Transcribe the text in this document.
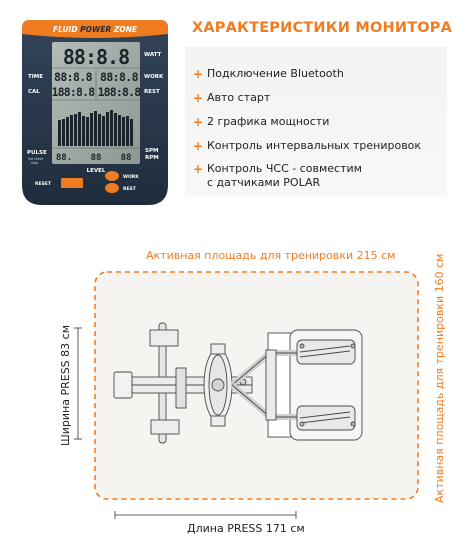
FLUID POWER ZONE
88:8.8
88:8.8 88:8.8
188:8.8 188:8.8
88. 88 88
WATT
TIME	WORK
CAL	REST
PULSE	SPM
RPM
LEVEL
Set sheet
step
RESET
WORK
REST
ХАРАКТЕРИСТИКИ МОНИТОРА
+ Подключение Bluetooth
+ Авто старт
+ 2 графика мощности
+ Контроль интервальных тренировок
+ Контроль ЧСС - совместим с датчиками POLAR
Активная площадь для тренировки 215 см	Активная площадь для тренировки 160 см
Ширина PRESS 83 см
Длина PRESS 171 см
